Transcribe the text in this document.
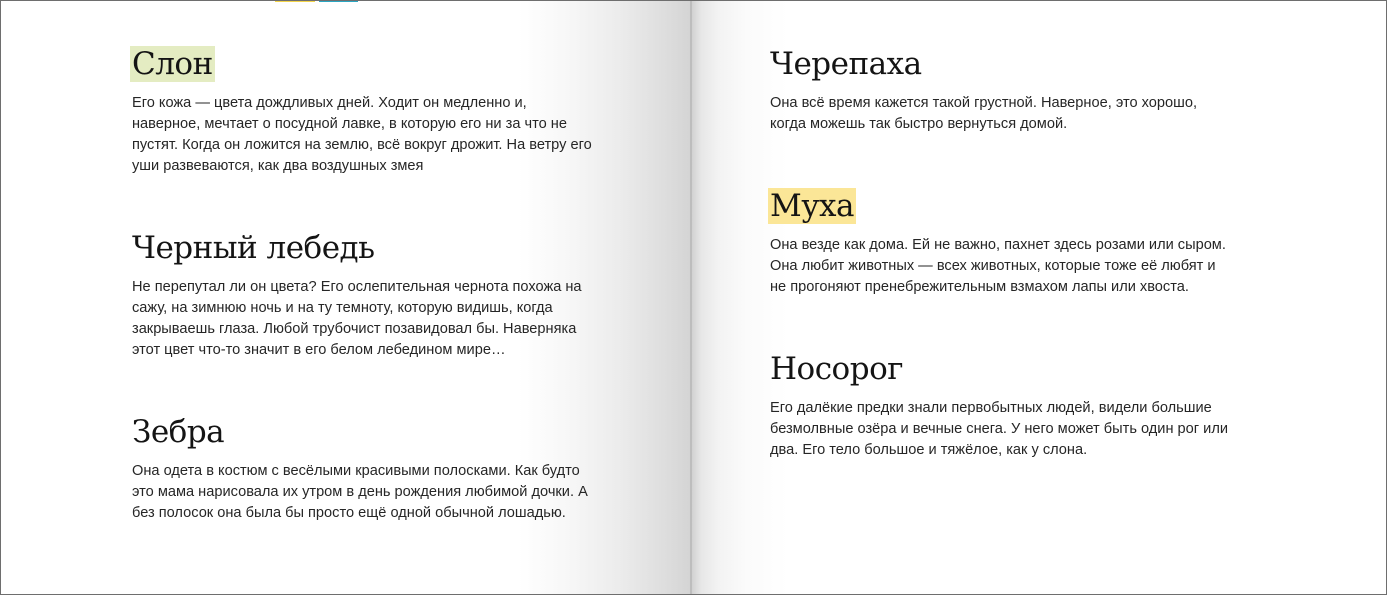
Слон
Его кожа — цвета дождливых дней. Ходит он медленно и,
наверное, мечтает о посудной лавке, в которую его ни за что не
пустят. Когда он ложится на землю, всё вокруг дрожит. На ветру его
уши развеваются, как два воздушных змея
Черный лебедь
Не перепутал ли он цвета? Его ослепительная чернота похожа на
сажу, на зимнюю ночь и на ту темноту, которую видишь, когда
закрываешь глаза. Любой трубочист позавидовал бы. Наверняка
этот цвет что-то значит в его белом лебедином мире…
Зебра
Она одета в костюм с весёлыми красивыми полосками. Как будто
это мама нарисовала их утром в день рождения любимой дочки. А
без полосок она была бы просто ещё одной обычной лошадью.
Черепаха
Она всё время кажется такой грустной. Наверное, это хорошо,
когда можешь так быстро вернуться домой.
Муха
Она везде как дома. Ей не важно, пахнет здесь розами или сыром.
Она любит животных — всех животных, которые тоже её любят и
не прогоняют пренебрежительным взмахом лапы или хвоста.
Носорог
Его далёкие предки знали первобытных людей, видели большие
безмолвные озёра и вечные снега. У него может быть один рог или
два. Его тело большое и тяжёлое, как у слона.
